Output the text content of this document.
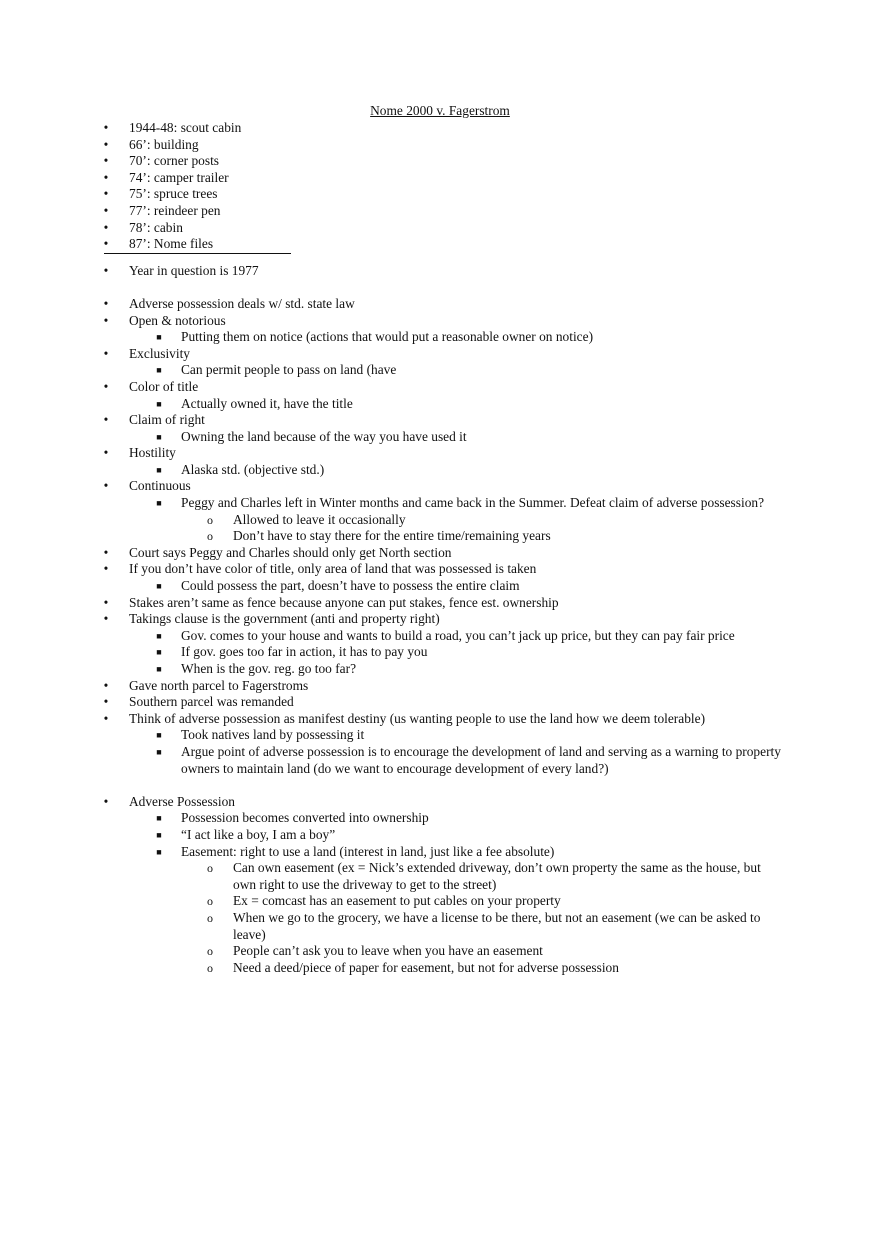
Nome 2000 v. Fagerstrom
•	1944-48: scout cabin
•	66’: building
•	70’: corner posts
•	74’: camper trailer
•	75’: spruce trees
•	77’: reindeer pen
•	78’: cabin
•	87’: Nome files
•	Year in question is 1977
•	Adverse possession deals w/ std. state law
•	Open & notorious
■	Putting them on notice (actions that would put a reasonable owner on notice)
•	Exclusivity
■	Can permit people to pass on land (have
•	Color of title
■	Actually owned it, have the title
•	Claim of right
■	Owning the land because of the way you have used it
•	Hostility
■	Alaska std. (objective std.)
•	Continuous
■	Peggy and Charles left in Winter months and came back in the Summer. Defeat claim of adverse possession?
o Allowed to leave it occasionally
o Don’t have to stay there for the entire time/remaining years
•	Court says Peggy and Charles should only get North section
•	If you don’t have color of title, only area of land that was possessed is taken
■	Could possess the part, doesn’t have to possess the entire claim
•	Stakes aren’t same as fence because anyone can put stakes, fence est. ownership
•	Takings clause is the government (anti and property right)
■	Gov. comes to your house and wants to build a road, you can’t jack up price, but they can pay fair price
■	If gov. goes too far in action, it has to pay you
■	When is the gov. reg. go too far?
•	Gave north parcel to Fagerstroms
•	Southern parcel was remanded
•	Think of adverse possession as manifest destiny (us wanting people to use the land how we deem tolerable)
■	Took natives land by possessing it
■	Argue point of adverse possession is to encourage the development of land and serving as a warning to property owners to maintain land (do we want to encourage development of every land?)
•	Adverse Possession
■	Possession becomes converted into ownership
■	“I act like a boy, I am a boy”
■	Easement: right to use a land (interest in land, just like a fee absolute)
o Can own easement (ex = Nick’s extended driveway, don’t own property the same as the house, but own right to use the driveway to get to the street)
o Ex = comcast has an easement to put cables on your property
o When we go to the grocery, we have a license to be there, but not an easement (we can be asked to leave)
o People can’t ask you to leave when you have an easement
o Need a deed/piece of paper for easement, but not for adverse possession
